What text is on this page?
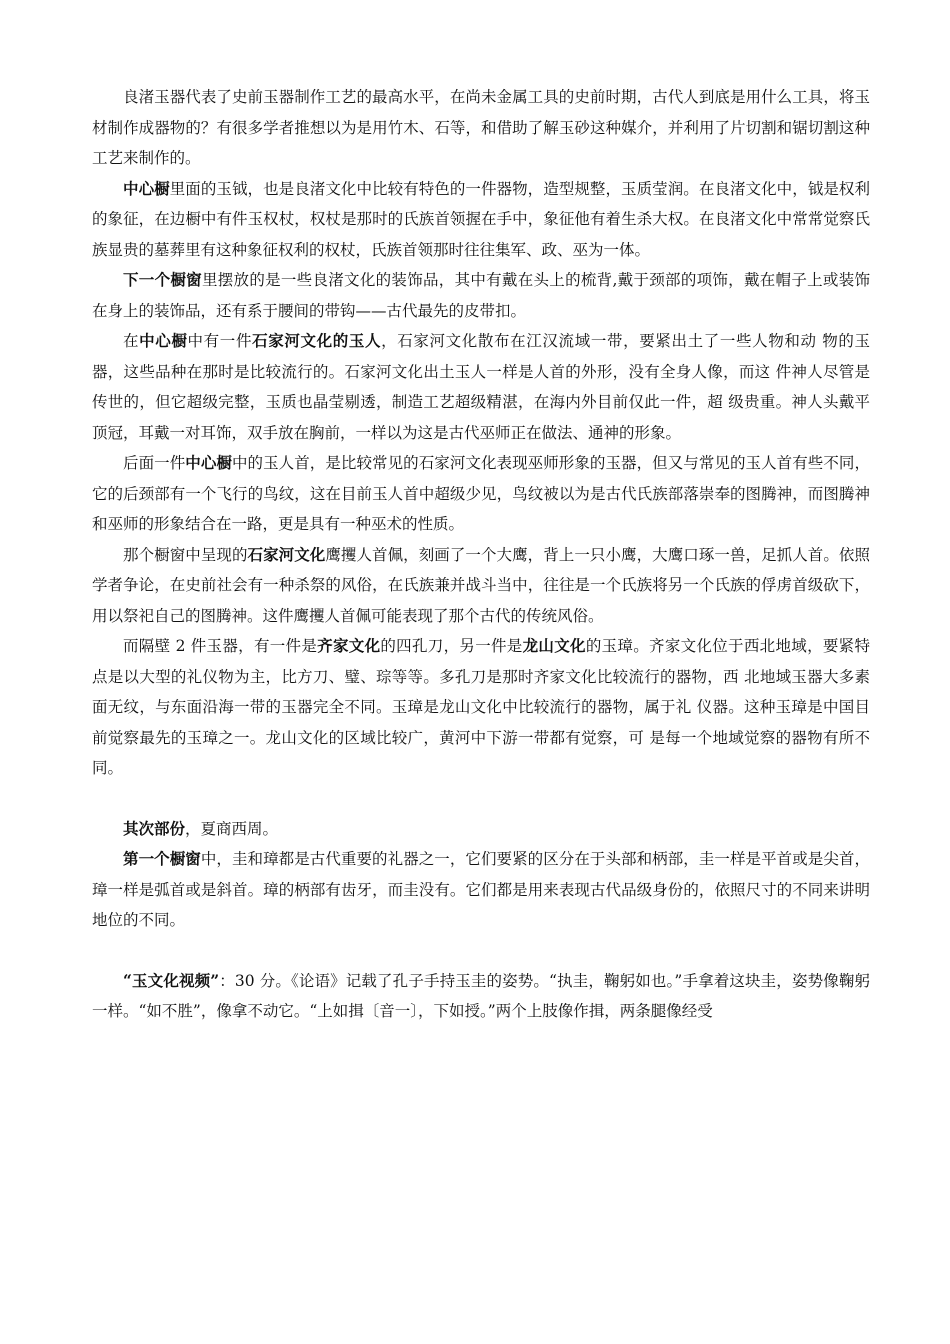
良渚玉器代表了史前玉器制作工艺的最高水平，在尚未金属工具的史前时期，古代人到底是用什么工具，将玉材制作成器物的？有很多学者推想以为是用竹木、石等，和借助了解玉砂这种媒介，并利用了片切割和锯切割这种工艺来制作的。

中心橱里面的玉钺，也是良渚文化中比较有特色的一件器物，造型规整，玉质莹润。在良渚文化中，钺是权利的象征，在边橱中有件玉权杖，权杖是那时的氏族首领握在手中，象征他有着生杀大权。在良渚文化中常常觉察氏族显贵的墓葬里有这种象征权利的权杖，氏族首领那时往往集军、政、巫为一体。

下一个橱窗里摆放的是一些良渚文化的装饰品，其中有戴在头上的梳背,戴于颈部的项饰，戴在帽子上或装饰在身上的装饰品，还有系于腰间的带钩——古代最先的皮带扣。

在中心橱中有一件石家河文化的玉人，石家河文化散布在江汉流域一带，要紧出土了一些人物和动 物的玉器，这些品种在那时是比较流行的。石家河文化出土玉人一样是人首的外形，没有全身人像，而这 件神人尽管是传世的，但它超级完整，玉质也晶莹剔透，制造工艺超级精湛，在海内外目前仅此一件，超 级贵重。神人头戴平顶冠，耳戴一对耳饰，双手放在胸前，一样以为这是古代巫师正在做法、通神的形象。

后面一件中心橱中的玉人首，是比较常见的石家河文化表现巫师形象的玉器，但又与常见的玉人首有些不同，它的后颈部有一个飞行的鸟纹，这在目前玉人首中超级少见，鸟纹被以为是古代氏族部落崇奉的图腾神，而图腾神和巫师的形象结合在一路，更是具有一种巫术的性质。

那个橱窗中呈现的石家河文化鹰攫人首佩，刻画了一个大鹰，背上一只小鹰，大鹰口琢一兽，足抓人首。依照学者争论，在史前社会有一种杀祭的风俗，在氏族兼并战斗当中，往往是一个氏族将另一个氏族的俘虏首级砍下，用以祭祀自己的图腾神。这件鹰攫人首佩可能表现了那个古代的传统风俗。

而隔壁 2 件玉器，有一件是齐家文化的四孔刀，另一件是龙山文化的玉璋。齐家文化位于西北地域，要紧特点是以大型的礼仪物为主，比方刀、璧、琮等等。多孔刀是那时齐家文化比较流行的器物，西 北地域玉器大多素面无纹，与东面沿海一带的玉器完全不同。玉璋是龙山文化中比较流行的器物，属于礼 仪器。这种玉璋是中国目前觉察最先的玉璋之一。龙山文化的区域比较广，黄河中下游一带都有觉察，可 是每一个地域觉察的器物有所不同。

其次部份，夏商西周。

第一个橱窗中，圭和璋都是古代重要的礼器之一，它们要紧的区分在于头部和柄部，圭一样是平首或是尖首，璋一样是弧首或是斜首。璋的柄部有齿牙，而圭没有。它们都是用来表现古代品级身份的，依照尺寸的不同来讲明地位的不同。

“玉文化视频”：30 分。《论语》记载了孔子手持玉圭的姿势。“执圭，鞠躬如也。”手拿着这块圭，姿势像鞠躬一样。“如不胜”，像拿不动它。“上如揖〔音一〕，下如授。”两个上肢像作揖，两条腿像经受
